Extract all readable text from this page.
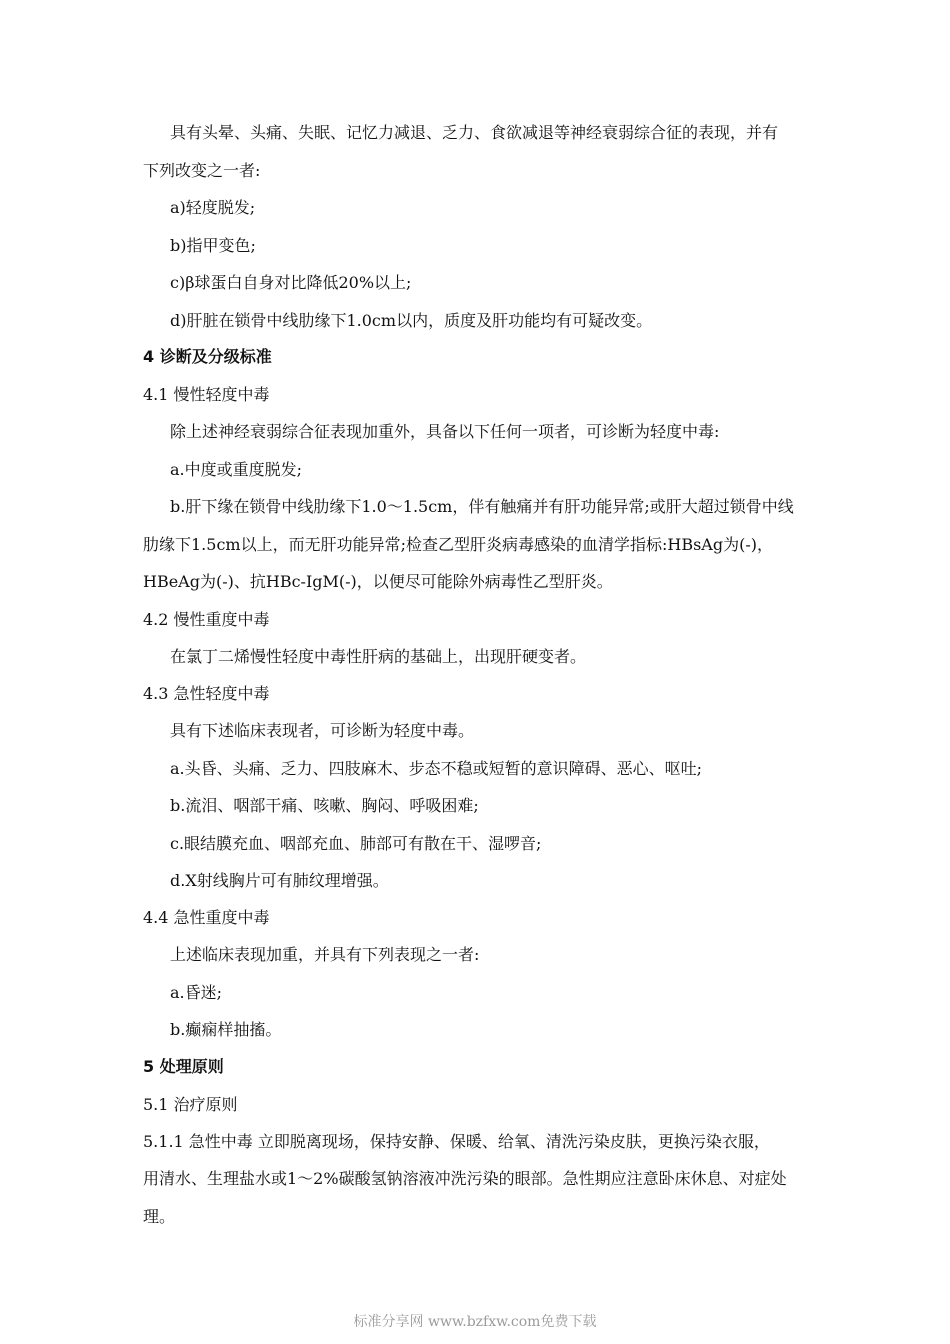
具有头晕、头痛、失眠、记忆力减退、乏力、食欲减退等神经衰弱综合征的表现，并有
下列改变之一者:
a)轻度脱发;
b)指甲变色;
c)β球蛋白自身对比降低20%以上;
d)肝脏在锁骨中线肋缘下1.0cm以内，质度及肝功能均有可疑改变。
4 诊断及分级标准
4.1 慢性轻度中毒
除上述神经衰弱综合征表现加重外，具备以下任何一项者，可诊断为轻度中毒:
a.中度或重度脱发;
b.肝下缘在锁骨中线肋缘下1.0～1.5cm，伴有触痛并有肝功能异常;或肝大超过锁骨中线
肋缘下1.5cm以上，而无肝功能异常;检查乙型肝炎病毒感染的血清学指标:HBsAg为(-)，
HBeAg为(-)、抗HBc-IgM(-)，以便尽可能除外病毒性乙型肝炎。
4.2 慢性重度中毒
在氯丁二烯慢性轻度中毒性肝病的基础上，出现肝硬变者。
4.3 急性轻度中毒
具有下述临床表现者，可诊断为轻度中毒。
a.头昏、头痛、乏力、四肢麻木、步态不稳或短暂的意识障碍、恶心、呕吐;
b.流泪、咽部干痛、咳嗽、胸闷、呼吸困难;
c.眼结膜充血、咽部充血、肺部可有散在干、湿啰音;
d.X射线胸片可有肺纹理增强。
4.4 急性重度中毒
上述临床表现加重，并具有下列表现之一者:
a.昏迷;
b.癫痫样抽搐。
5 处理原则
5.1 治疗原则
5.1.1 急性中毒 立即脱离现场，保持安静、保暖、给氧、清洗污染皮肤，更换污染衣服，
用清水、生理盐水或1～2%碳酸氢钠溶液冲洗污染的眼部。急性期应注意卧床休息、对症处
理。
标准分享网 www.bzfxw.com免费下载
